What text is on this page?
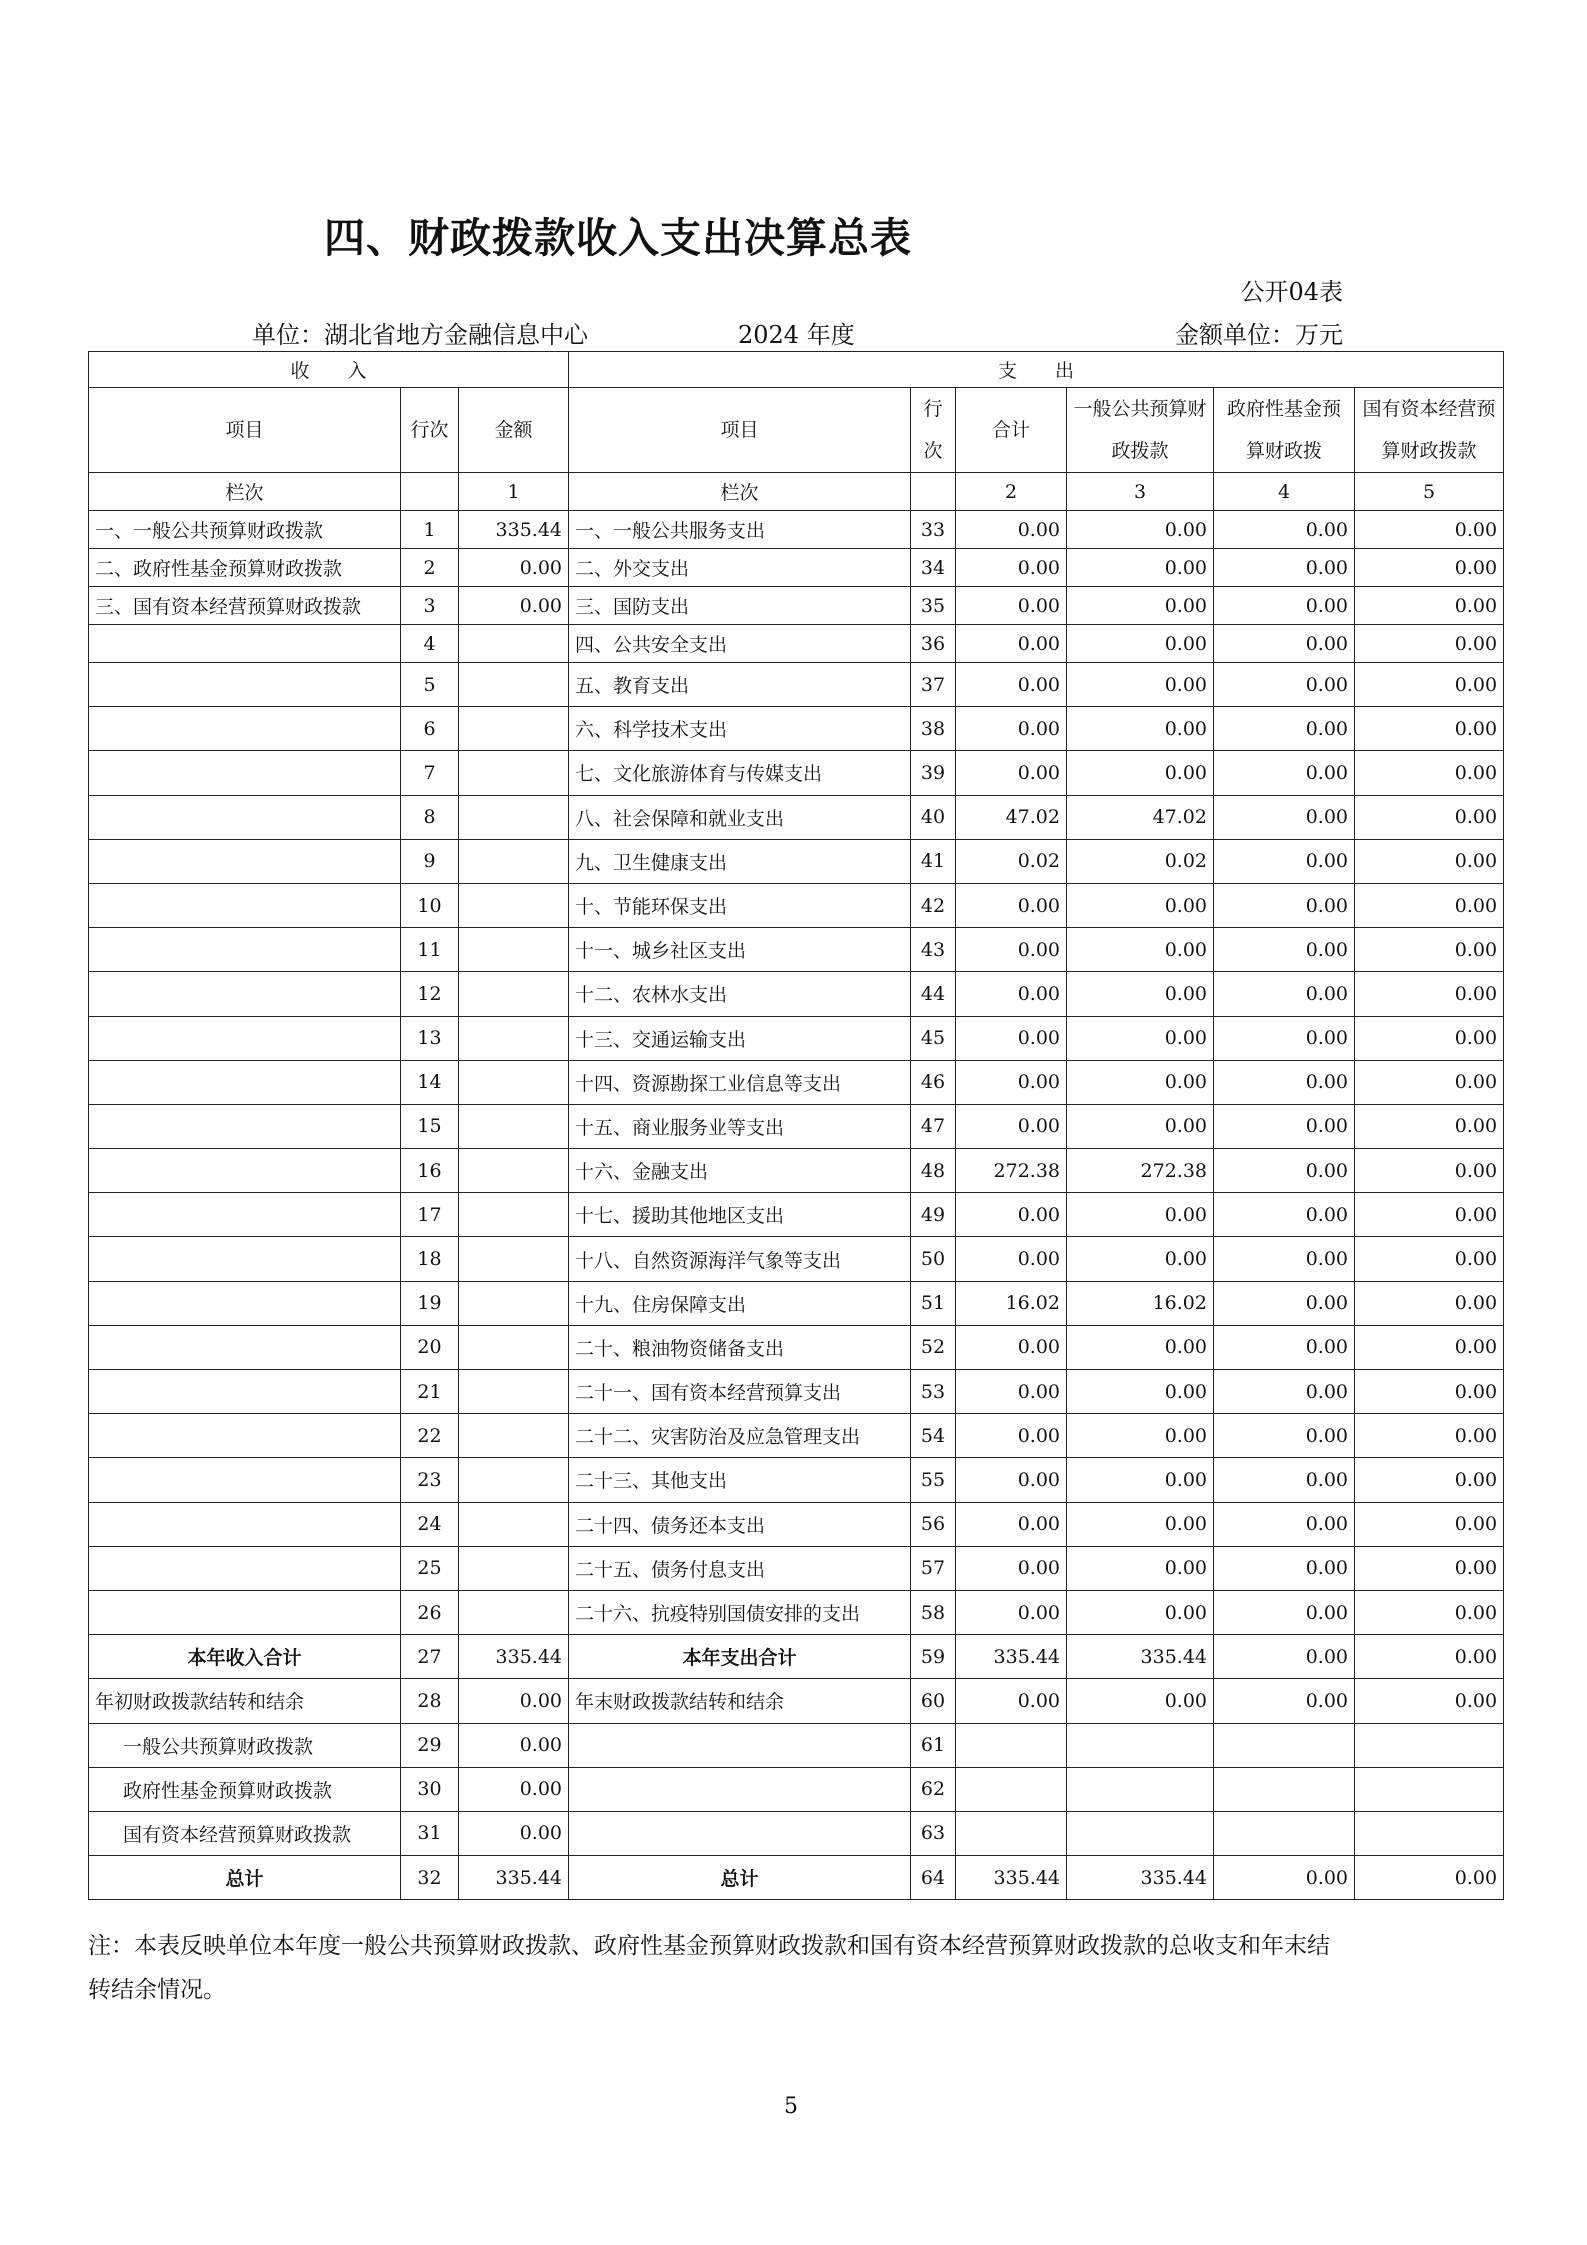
四、财政拨款收入支出决算总表
公开04表
单位：湖北省地方金融信息中心	2024 年度	金额单位：万元
收　　入			支　　出					
项目	行次	金额	项目	行次	合计	一般公共预算财政拨款	政府性基金预算财政拨	国有资本经营预算财政拨款
栏次		1	栏次		2	3	4	5
一、一般公共预算财政拨款	1	335.44	一、一般公共服务支出	33	0.00	0.00	0.00	0.00
二、政府性基金预算财政拨款	2	0.00	二、外交支出	34	0.00	0.00	0.00	0.00
三、国有资本经营预算财政拨款	3	0.00	三、国防支出	35	0.00	0.00	0.00	0.00
	4		四、公共安全支出	36	0.00	0.00	0.00	0.00
	5		五、教育支出	37	0.00	0.00	0.00	0.00
	6		六、科学技术支出	38	0.00	0.00	0.00	0.00
	7		七、文化旅游体育与传媒支出	39	0.00	0.00	0.00	0.00
	8		八、社会保障和就业支出	40	47.02	47.02	0.00	0.00
	9		九、卫生健康支出	41	0.02	0.02	0.00	0.00
	10		十、节能环保支出	42	0.00	0.00	0.00	0.00
	11		十一、城乡社区支出	43	0.00	0.00	0.00	0.00
	12		十二、农林水支出	44	0.00	0.00	0.00	0.00
	13		十三、交通运输支出	45	0.00	0.00	0.00	0.00
	14		十四、资源勘探工业信息等支出	46	0.00	0.00	0.00	0.00
	15		十五、商业服务业等支出	47	0.00	0.00	0.00	0.00
	16		十六、金融支出	48	272.38	272.38	0.00	0.00
	17		十七、援助其他地区支出	49	0.00	0.00	0.00	0.00
	18		十八、自然资源海洋气象等支出	50	0.00	0.00	0.00	0.00
	19		十九、住房保障支出	51	16.02	16.02	0.00	0.00
	20		二十、粮油物资储备支出	52	0.00	0.00	0.00	0.00
	21		二十一、国有资本经营预算支出	53	0.00	0.00	0.00	0.00
	22		二十二、灾害防治及应急管理支出	54	0.00	0.00	0.00	0.00
	23		二十三、其他支出	55	0.00	0.00	0.00	0.00
	24		二十四、债务还本支出	56	0.00	0.00	0.00	0.00
	25		二十五、债务付息支出	57	0.00	0.00	0.00	0.00
	26		二十六、抗疫特别国债安排的支出	58	0.00	0.00	0.00	0.00
本年收入合计	27	335.44	本年支出合计	59	335.44	335.44	0.00	0.00
年初财政拨款结转和结余	28	0.00	年末财政拨款结转和结余	60	0.00	0.00	0.00	0.00
一般公共预算财政拨款	29	0.00		61				
政府性基金预算财政拨款	30	0.00		62				
国有资本经营预算财政拨款	31	0.00		63				
总计	32	335.44	总计	64	335.44	335.44	0.00	0.00
注：本表反映单位本年度一般公共预算财政拨款、政府性基金预算财政拨款和国有资本经营预算财政拨款的总收支和年末结转结余情况。
5
